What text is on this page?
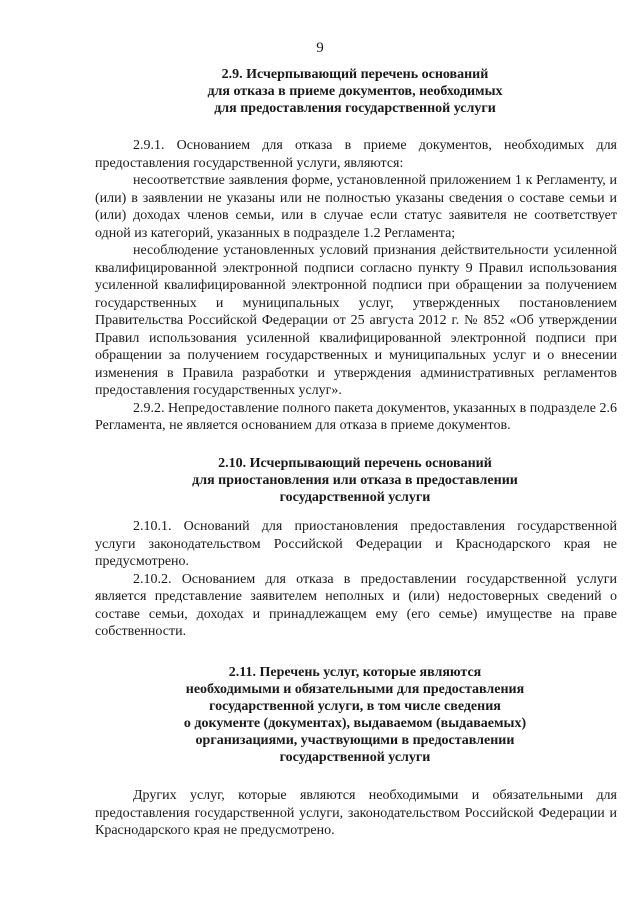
9
2.9. Исчерпывающий перечень оснований
для отказа в приеме документов, необходимых
для предоставления государственной услуги

2.9.1. Основанием для отказа в приеме документов, необходимых для предоставления государственной услуги, являются:

несоответствие заявления форме, установленной приложением 1 к Регламенту, и (или) в заявлении не указаны или не полностью указаны сведения о составе семьи и (или) доходах членов семьи, или в случае если статус заявителя не соответствует одной из категорий, указанных в подразделе 1.2 Регламента;

несоблюдение установленных условий признания действительности усиленной квалифицированной электронной подписи согласно пункту 9 Правил использования усиленной квалифицированной электронной подписи при обращении за получением государственных и муниципальных услуг, утвержденных постановлением Правительства Российской Федерации от 25 августа 2012 г. № 852 «Об утверждении Правил использования усиленной квалифицированной электронной подписи при обращении за получением государственных и муниципальных услуг и о внесении изменения в Правила разработки и утверждения административных регламентов предоставления государственных услуг».

2.9.2. Непредоставление полного пакета документов, указанных в подразделе 2.6 Регламента, не является основанием для отказа в приеме документов.

2.10. Исчерпывающий перечень оснований
для приостановления или отказа в предоставлении
государственной услуги

2.10.1. Оснований для приостановления предоставления государственной услуги законодательством Российской Федерации и Краснодарского края не предусмотрено.

2.10.2. Основанием для отказа в предоставлении государственной услуги является представление заявителем неполных и (или) недостоверных сведений о составе семьи, доходах и принадлежащем ему (его семье) имуществе на праве собственности.

2.11. Перечень услуг, которые являются
необходимыми и обязательными для предоставления
государственной услуги, в том числе сведения
о документе (документах), выдаваемом (выдаваемых)
организациями, участвующими в предоставлении
государственной услуги

Других услуг, которые являются необходимыми и обязательными для предоставления государственной услуги, законодательством Российской Федерации и Краснодарского края не предусмотрено.
